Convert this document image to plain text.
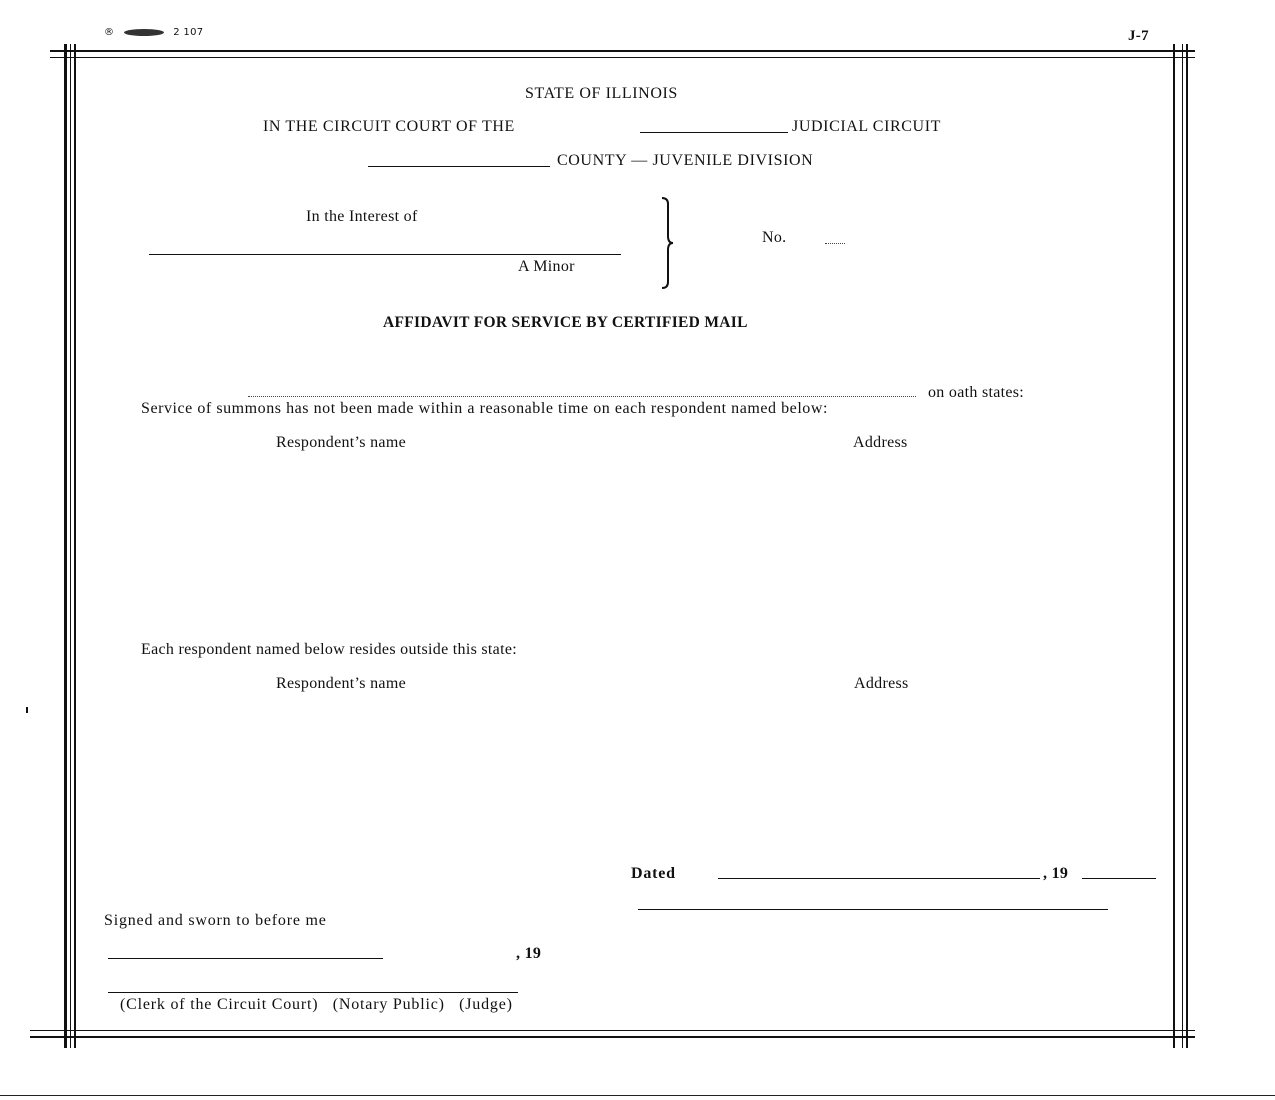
®	2 107	J-7
STATE OF ILLINOIS
IN THE CIRCUIT COURT OF THE	JUDICIAL CIRCUIT
COUNTY — JUVENILE DIVISION
In the Interest of
A Minor
No.
AFFIDAVIT FOR SERVICE BY CERTIFIED MAIL
on oath states:
Service of summons has not been made within a reasonable time on each respondent named below:
Respondent’s name	Address
Each respondent named below resides outside this state:
Respondent’s name	Address
Dated	, 19
Signed and sworn to before me
, 19
(Clerk of the Circuit Court)   (Notary Public)   (Judge)
